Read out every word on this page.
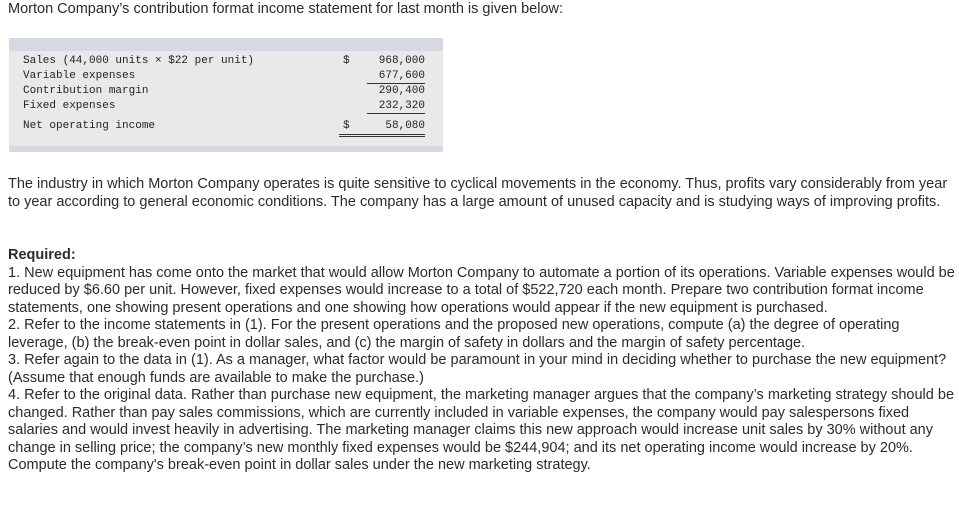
Morton Company’s contribution format income statement for last month is given below:

Sales (44,000 units × $22 per unit)	$	968,000
Variable expenses	677,600
Contribution margin	290,400
Fixed expenses	232,320
Net operating income	$	58,080

The industry in which Morton Company operates is quite sensitive to cyclical movements in the economy. Thus, profits vary considerably from year to year according to general economic conditions. The company has a large amount of unused capacity and is studying ways of improving profits.

Required:
1. New equipment has come onto the market that would allow Morton Company to automate a portion of its operations. Variable expenses would be reduced by $6.60 per unit. However, fixed expenses would increase to a total of $522,720 each month. Prepare two contribution format income statements, one showing present operations and one showing how operations would appear if the new equipment is purchased.
2. Refer to the income statements in (1). For the present operations and the proposed new operations, compute (a) the degree of operating leverage, (b) the break-even point in dollar sales, and (c) the margin of safety in dollars and the margin of safety percentage.
3. Refer again to the data in (1). As a manager, what factor would be paramount in your mind in deciding whether to purchase the new equipment? (Assume that enough funds are available to make the purchase.)
4. Refer to the original data. Rather than purchase new equipment, the marketing manager argues that the company’s marketing strategy should be changed. Rather than pay sales commissions, which are currently included in variable expenses, the company would pay salespersons fixed salaries and would invest heavily in advertising. The marketing manager claims this new approach would increase unit sales by 30% without any change in selling price; the company’s new monthly fixed expenses would be $244,904; and its net operating income would increase by 20%. Compute the company's break-even point in dollar sales under the new marketing strategy.
